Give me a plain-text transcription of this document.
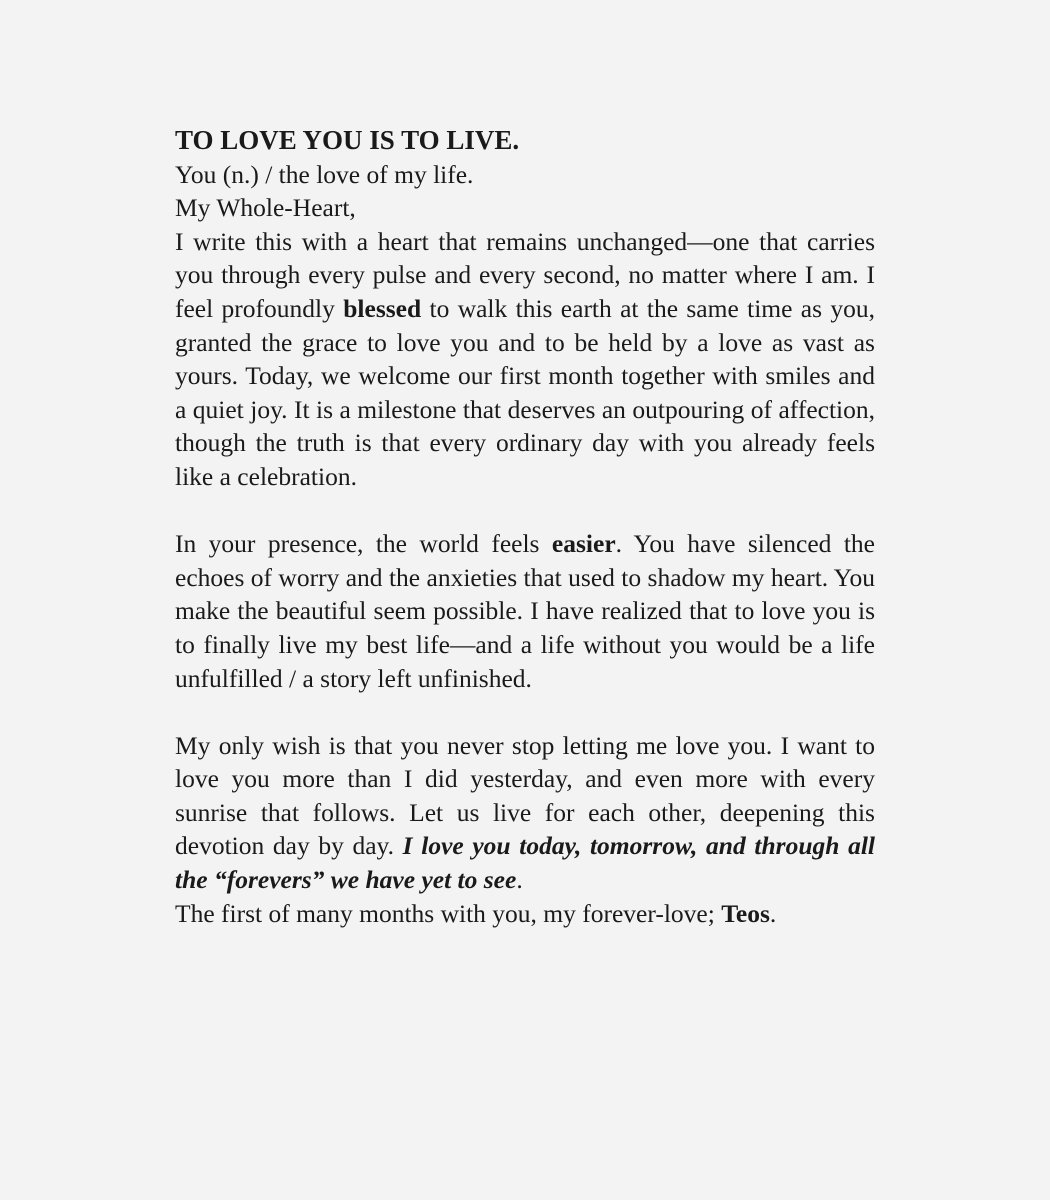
TO LOVE YOU IS TO LIVE.

You (n.) / the love of my life.

My Whole-Heart,

I write this with a heart that remains unchanged—one that carries you through every pulse and every second, no matter where I am. I feel profoundly blessed to walk this earth at the same time as you, granted the grace to love you and to be held by a love as vast as yours. Today, we welcome our first month together with smiles and a quiet joy. It is a milestone that deserves an outpouring of affection, though the truth is that every ordinary day with you already feels like a celebration.

In your presence, the world feels easier. You have silenced the echoes of worry and the anxieties that used to shadow my heart. You make the beautiful seem possible. I have realized that to love you is to finally live my best life—and a life without you would be a life unfulfilled / a story left unfinished.

My only wish is that you never stop letting me love you. I want to love you more than I did yesterday, and even more with every sunrise that follows. Let us live for each other, deepening this devotion day by day. I love you today, tomorrow, and through all the “forevers” we have yet to see.

The first of many months with you, my forever-love; Teos.
